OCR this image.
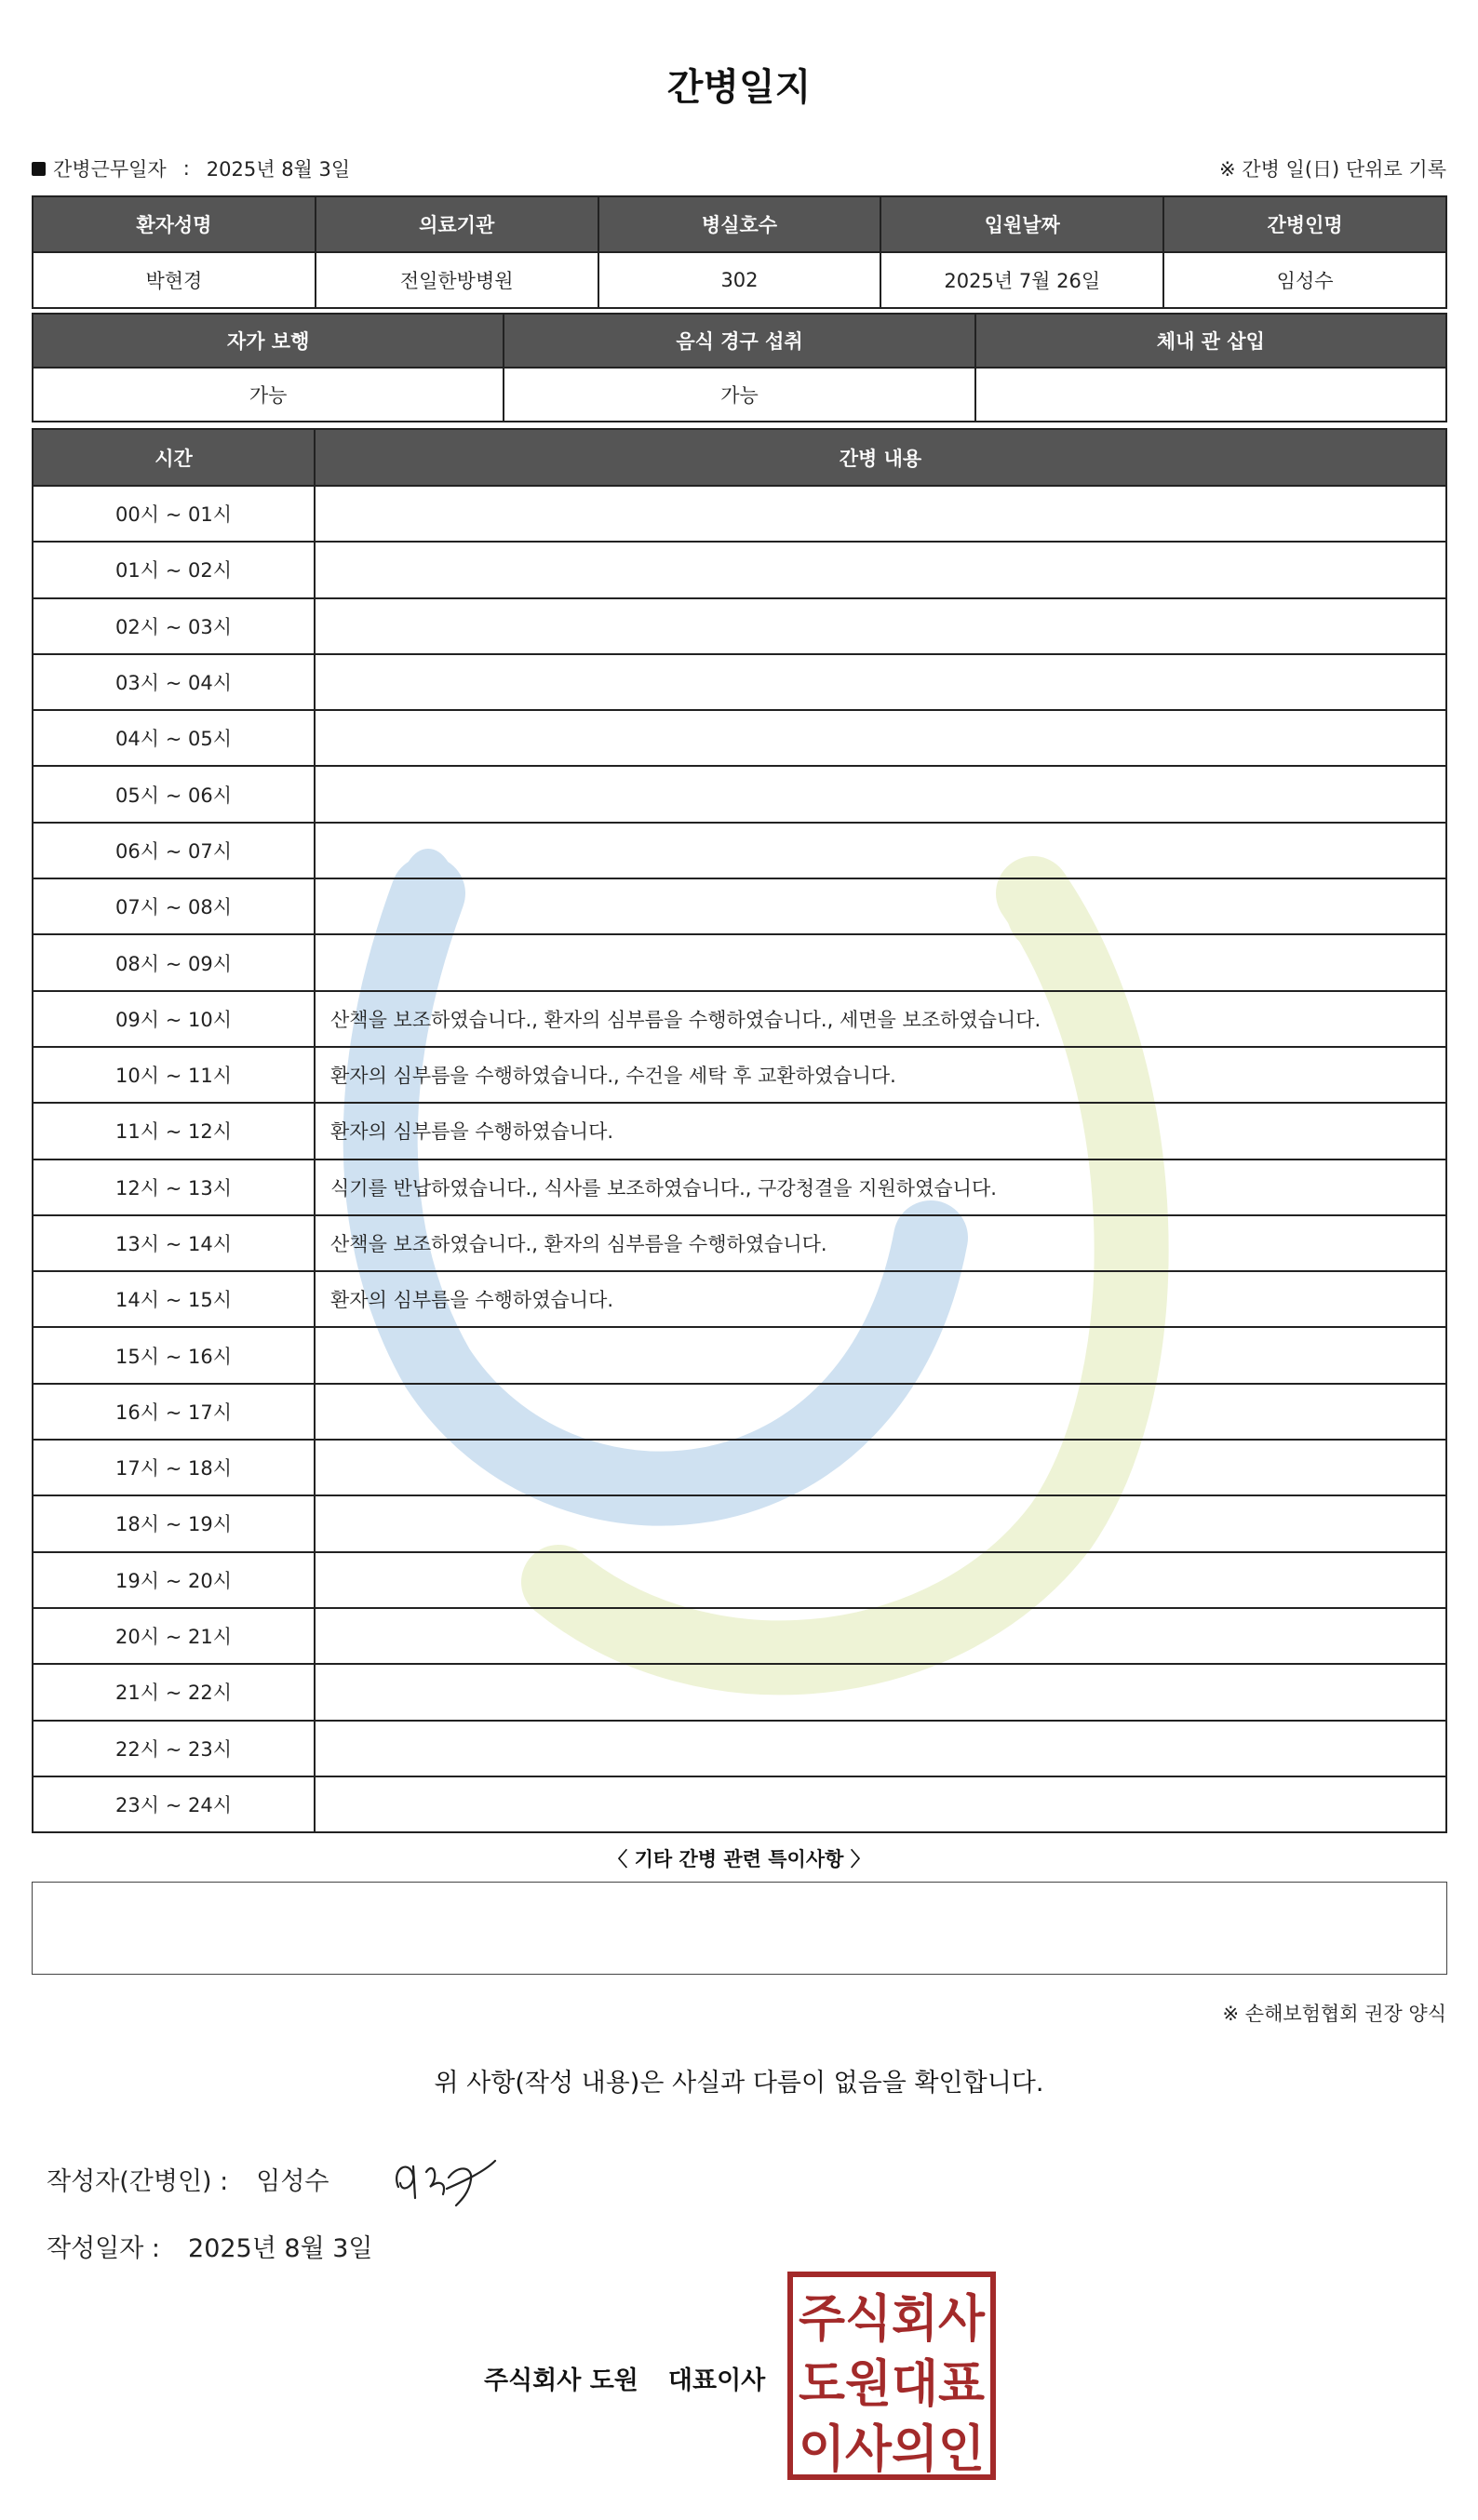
간병일지
간병근무일자 : 2025년 8월 3일	※ 간병 일(日) 단위로 기록
환자성명	의료기관	병실호수	입원날짜	간병인명
박현경	전일한방병원	302	2025년 7월 26일	임성수
자가 보행	음식 경구 섭취	체내 관 삽입
가능	가능	
시간	간병 내용
00시 ~ 01시	
01시 ~ 02시	
02시 ~ 03시	
03시 ~ 04시	
04시 ~ 05시	
05시 ~ 06시	
06시 ~ 07시	
07시 ~ 08시	
08시 ~ 09시	
09시 ~ 10시	산책을 보조하였습니다., 환자의 심부름을 수행하였습니다., 세면을 보조하였습니다.
10시 ~ 11시	환자의 심부름을 수행하였습니다., 수건을 세탁 후 교환하였습니다.
11시 ~ 12시	환자의 심부름을 수행하였습니다.
12시 ~ 13시	식기를 반납하였습니다., 식사를 보조하였습니다., 구강청결을 지원하였습니다.
13시 ~ 14시	산책을 보조하였습니다., 환자의 심부름을 수행하였습니다.
14시 ~ 15시	환자의 심부름을 수행하였습니다.
15시 ~ 16시	
16시 ~ 17시	
17시 ~ 18시	
18시 ~ 19시	
19시 ~ 20시	
20시 ~ 21시	
21시 ~ 22시	
22시 ~ 23시	
23시 ~ 24시	
〈 기타 간병 관련 특이사항 〉
※ 손해보험협회 권장 양식
위 사항(작성 내용)은 사실과 다름이 없음을 확인합니다.
작성자(간병인) : 임성수
작성일자 : 2025년 8월 3일
주식회사 도원 대표이사
주식회사
도원대표
이사의인
